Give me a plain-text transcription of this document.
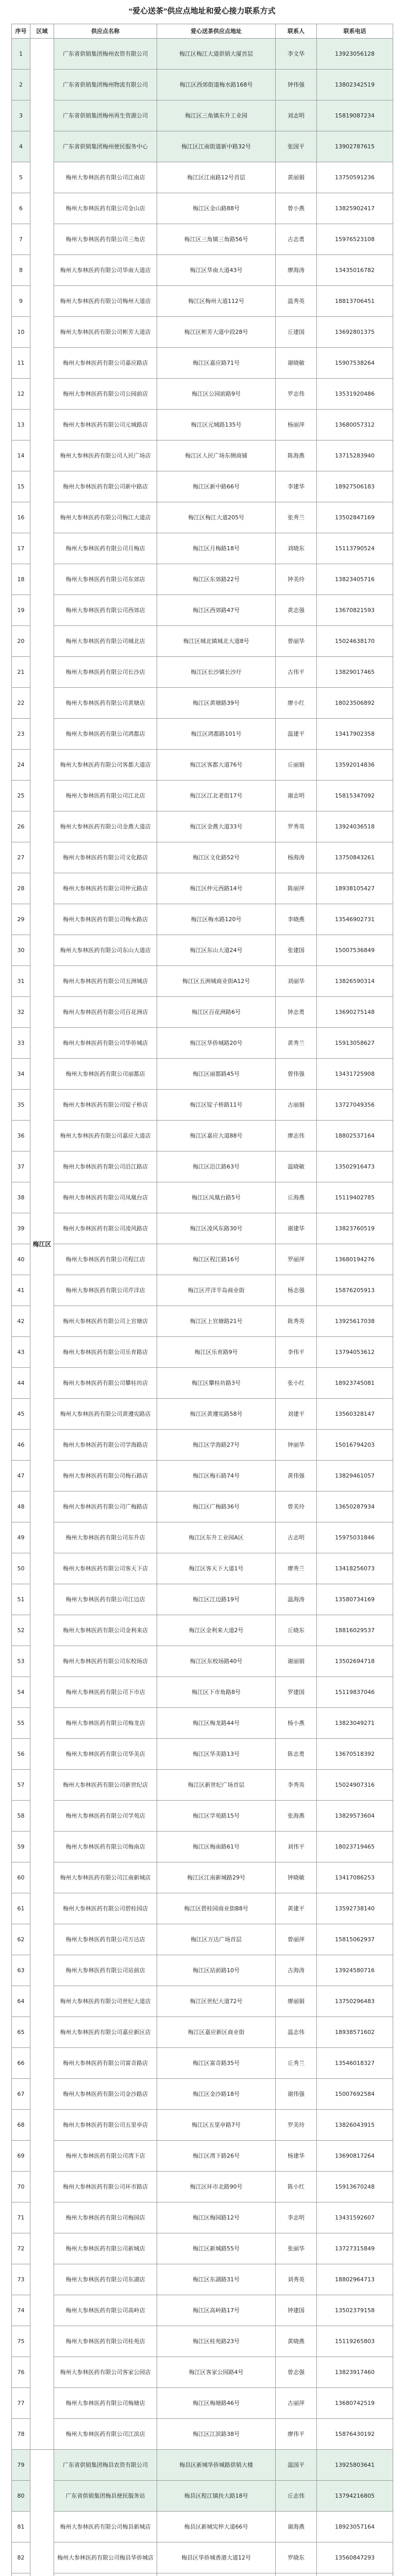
“爱心送茶”供应点地址和爱心接力联系方式
序号	区域	供应点名称	爱心送茶供应点地址	联系人	联系电话
梅江区
1	广东省供销集团梅州农资有限公司	梅江区梅江大道供销大厦首层	李文华	13923056128
2	广东省供销集团梅州物流有限公司	梅江区西郊街道梅水路168号	钟伟强	13802342519
3	广东省供销集团梅州再生资源公司	梅江区三角镇东升工业园	刘志明	15819087234
4	广东省供销集团梅州便民服务中心	梅江区江南街道新中路32号	张国平	13902787615
5	梅州大参林医药有限公司江南店	梅江区江南路12号首层	黄丽娟	13750591236
6	梅州大参林医药有限公司金山店	梅江区金山路88号	曾小燕	13825902417
7	梅州大参林医药有限公司三角店	梅江区三角镇三角路56号	古志勇	15976523108
8	梅州大参林医药有限公司华南大道店	梅江区华南大道43号	廖海涛	13435016782
9	梅州大参林医药有限公司梅州大道店	梅江区梅州大道112号	温秀英	18813706451
10	梅州大参林医药有限公司彬芳大道店	梅江区彬芳大道中段28号	丘建国	13692801375
11	梅州大参林医药有限公司嘉应路店	梅江区嘉应路71号	谢晓敏	15907538264
12	梅州大参林医药有限公司公园前店	梅江区公园前路9号	罗志伟	13531920486
13	梅州大参林医药有限公司元城路店	梅江区元城路135号	杨丽萍	13680057312
14	梅州大参林医药有限公司人民广场店	梅江区人民广场东侧商铺	陈海燕	13715283940
15	梅州大参林医药有限公司新中路店	梅江区新中路66号	李建华	18927506183
16	梅州大参林医药有限公司梅江大道店	梅江区梅江大道205号	张秀兰	13502847169
17	梅州大参林医药有限公司月梅店	梅江区月梅路18号	刘晓东	15113790524
18	梅州大参林医药有限公司东郊店	梅江区东郊路22号	钟美玲	13823405716
19	梅州大参林医药有限公司西郊店	梅江区西郊路47号	黄志强	13670821593
20	梅州大参林医药有限公司城北店	梅江区城北镇城北大道8号	曾丽华	15024638170
21	梅州大参林医药有限公司长沙店	梅江区长沙镇长沙圩	古伟平	13829017465
22	梅州大参林医药有限公司黄塘店	梅江区黄塘路39号	廖小红	18023506892
23	梅州大参林医药有限公司鸿都店	梅江区鸿都路101号	温建平	13417902358
24	梅州大参林医药有限公司客都大道店	梅江区客都大道76号	丘丽娟	13592014836
25	梅州大参林医药有限公司江北店	梅江区江北老街17号	谢志明	15815347092
26	梅州大参林医药有限公司金燕大道店	梅江区金燕大道33号	罗秀英	13924036518
27	梅州大参林医药有限公司文化路店	梅江区文化路52号	杨海涛	13750843261
28	梅州大参林医药有限公司仲元路店	梅江区仲元西路14号	陈丽萍	18938105427
29	梅州大参林医药有限公司梅水路店	梅江区梅水路120号	李晓燕	13546902731
30	梅州大参林医药有限公司东山大道店	梅江区东山大道24号	张建国	15007536849
31	梅州大参林医药有限公司五洲城店	梅江区五洲城商业街A12号	刘丽华	13826590314
32	梅州大参林医药有限公司百花洲店	梅江区百花洲路6号	钟志勇	13690275148
33	梅州大参林医药有限公司华侨城店	梅江区华侨城路20号	黄秀兰	15913058627
34	梅州大参林医药有限公司丽都店	梅江区丽都路45号	曾伟强	13431725908
35	梅州大参林医药有限公司锭子桥店	梅江区锭子桥路11号	古丽娟	13727049356
36	梅州大参林医药有限公司嘉应大道店	梅江区嘉应大道88号	廖志伟	18802537164
37	梅州大参林医药有限公司沿江路店	梅江区沿江路63号	温晓敏	13502916473
38	梅州大参林医药有限公司凤凰台店	梅江区凤凰台路5号	丘海燕	15119402785
39	梅州大参林医药有限公司凌风路店	梅江区凌风东路30号	谢建华	13823760519
40	梅州大参林医药有限公司程江店	梅江区程江路16号	罗丽萍	13680194276
41	梅州大参林医药有限公司芹洋店	梅江区芹洋半岛商业街	杨志强	15876205913
42	梅州大参林医药有限公司上官塘店	梅江区上官塘路21号	陈秀英	13925617038
43	梅州大参林医药有限公司乐育路店	梅江区乐育路9号	李伟平	13794053612
44	梅州大参林医药有限公司攀桂坊店	梅江区攀桂坊路3号	张小红	18923745081
45	梅州大参林医药有限公司黄遵宪路店	梅江区黄遵宪路58号	刘建平	13560328147
46	梅州大参林医药有限公司学海路店	梅江区学海路27号	钟丽华	15016794203
47	梅州大参林医药有限公司梅石路店	梅江区梅石路74号	黄伟强	13829461057
48	梅州大参林医药有限公司广梅路店	梅江区广梅路36号	曾美玲	13650287934
49	梅州大参林医药有限公司东升店	梅江区东升工业园A区	古志明	15975031846
50	梅州大参林医药有限公司客天下店	梅江区客天下大道1号	廖秀兰	13418256073
51	梅州大参林医药有限公司江边店	梅江区江边路19号	温海涛	13580734169
52	梅州大参林医药有限公司金利来店	梅江区金利来大道2号	丘晓东	18816029537
53	梅州大参林医药有限公司东校场店	梅江区东校场路40号	谢丽娟	13502694718
54	梅州大参林医药有限公司下市店	梅江区下市角路8号	罗建国	15119837046
55	梅州大参林医药有限公司梅龙店	梅江区梅龙路44号	杨小燕	13823049271
56	梅州大参林医药有限公司华美店	梅江区华美路13号	陈志勇	13670518392
57	梅州大参林医药有限公司新世纪店	梅江区新世纪广场首层	李秀英	15024907316
58	梅州大参林医药有限公司学苑店	梅江区学苑路15号	张海燕	13829573604
59	梅州大参林医药有限公司梅南店	梅江区梅南路61号	刘伟平	18023719465
60	梅州大参林医药有限公司江南新城店	梅江区江南新城路29号	钟晓敏	13417086253
61	梅州大参林医药有限公司碧桂园店	梅江区碧桂园商业街B8号	黄建平	13592738140
62	梅州大参林医药有限公司万达店	梅江区万达广场首层	曾丽萍	15815062937
63	梅州大参林医药有限公司站前店	梅江区站前路10号	古海涛	13924580716
64	梅州大参林医药有限公司世纪大道店	梅江区世纪大道72号	廖丽娟	13750296483
65	梅州大参林医药有限公司嘉应新区店	梅江区嘉应新区商业街	温志伟	18938571602
66	梅州大参林医药有限公司富奇路店	梅江区富奇路35号	丘秀兰	13546018327
67	梅州大参林医药有限公司金沙路店	梅江区金沙路18号	谢伟强	15007692584
68	梅州大参林医药有限公司五里亭店	梅江区五里亭路7号	罗美玲	13826043915
69	梅州大参林医药有限公司湾下店	梅江区湾下路26号	杨建华	13690817264
70	梅州大参林医药有限公司环市路店	梅江区环市北路90号	陈小红	15913670248
71	梅州大参林医药有限公司梅园店	梅江区梅园路12号	李志明	13431592607
72	梅州大参林医药有限公司新城店	梅江区新城路55号	张丽华	13727315849
73	梅州大参林医药有限公司东湖店	梅江区东湖路31号	刘秀英	18802964713
74	梅州大参林医药有限公司高岭店	梅江区高岭路17号	钟建国	13502379158
75	梅州大参林医药有限公司桂苑店	梅江区桂苑路23号	黄晓燕	15119265803
76	梅州大参林医药有限公司客家公园店	梅江区客家公园路4号	曾志强	13823917460
77	梅州大参林医药有限公司梅塘店	梅江区梅塘路46号	古丽萍	13680742519
78	梅州大参林医药有限公司江滨店	梅江区江滨路38号	廖伟平	15876430192
79	广东省供销集团梅县农资有限公司	梅县区新城华侨城路供销大楼	温国平	13925803641
80	广东省供销集团梅县便民服务站	梅县区程江镇扶大路18号	丘志伟	13794216805
81	梅州大参林医药有限公司梅县新城店	梅县区新城宪梓大道66号	谢海燕	18923057164
82	梅州大参林医药有限公司梅县华侨城店	梅县区华侨城香港大道12号	罗晓东	13560847293
